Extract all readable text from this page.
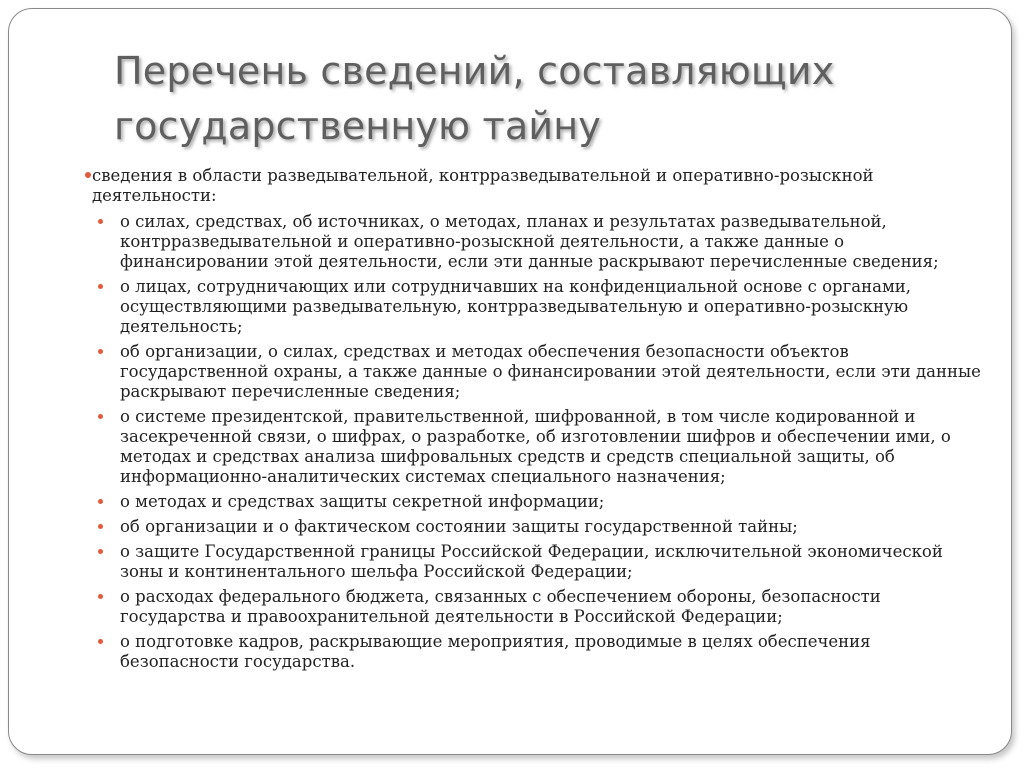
Перечень сведений, составляющих государственную тайну
сведения в области разведывательной, контрразведывательной и оперативно-розыскной деятельности:
о силах, средствах, об источниках, о методах, планах и результатах разведывательной, контрразведывательной и оперативно-розыскной деятельности, а также данные о финансировании этой деятельности, если эти данные раскрывают перечисленные сведения;
о лицах, сотрудничающих или сотрудничавших на конфиденциальной основе с органами, осуществляющими разведывательную, контрразведывательную и оперативно-розыскную деятельность;
об организации, о силах, средствах и методах обеспечения безопасности объектов государственной охраны, а также данные о финансировании этой деятельности, если эти данные раскрывают перечисленные сведения;
о системе президентской, правительственной, шифрованной, в том числе кодированной и засекреченной связи, о шифрах, о разработке, об изготовлении шифров и обеспечении ими, о методах и средствах анализа шифровальных средств и средств специальной защиты, об информационно-аналитических системах специального назначения;
о методах и средствах защиты секретной информации;
об организации и о фактическом состоянии защиты государственной тайны;
о защите Государственной границы Российской Федерации, исключительной экономической зоны и континентального шельфа Российской Федерации;
о расходах федерального бюджета, связанных с обеспечением обороны, безопасности государства и правоохранительной деятельности в Российской Федерации;
о подготовке кадров, раскрывающие мероприятия, проводимые в целях обеспечения безопасности государства.
